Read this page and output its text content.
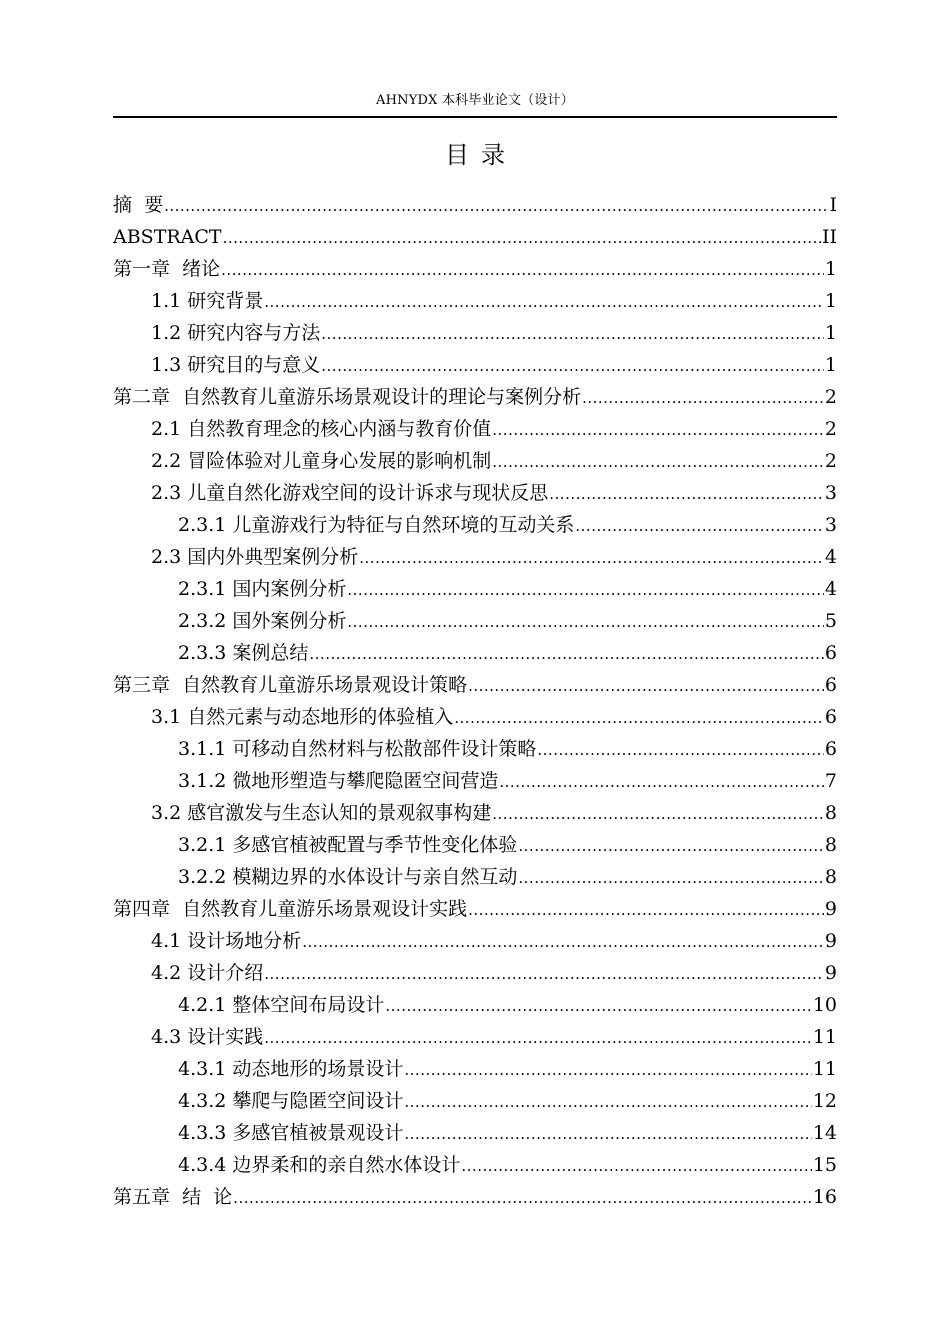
AHNYDX 本科毕业论文（设计）
目录
摘  要 .....	I
ABSTRACT .....	II
第一章  绪论 .....	1
1.1 研究背景 .....	1
1.2 研究内容与方法 .....	1
1.3 研究目的与意义 .....	1
第二章  自然教育儿童游乐场景观设计的理论与案例分析 .....	2
2.1 自然教育理念的核心内涵与教育价值 .....	2
2.2 冒险体验对儿童身心发展的影响机制 .....	2
2.3 儿童自然化游戏空间的设计诉求与现状反思 .....	3
2.3.1 儿童游戏行为特征与自然环境的互动关系 .....	3
2.3 国内外典型案例分析 .....	4
2.3.1 国内案例分析 .....	4
2.3.2 国外案例分析 .....	5
2.3.3 案例总结 .....	6
第三章  自然教育儿童游乐场景观设计策略 .....	6
3.1 自然元素与动态地形的体验植入 .....	6
3.1.1 可移动自然材料与松散部件设计策略 .....	6
3.1.2 微地形塑造与攀爬隐匿空间营造 .....	7
3.2 感官激发与生态认知的景观叙事构建 .....	8
3.2.1 多感官植被配置与季节性变化体验 .....	8
3.2.2 模糊边界的水体设计与亲自然互动 .....	8
第四章  自然教育儿童游乐场景观设计实践 .....	9
4.1 设计场地分析 .....	9
4.2 设计介绍 .....	9
4.2.1 整体空间布局设计 .....	10
4.3 设计实践 .....	11
4.3.1 动态地形的场景设计 .....	11
4.3.2 攀爬与隐匿空间设计 .....	12
4.3.3 多感官植被景观设计 .....	14
4.3.4 边界柔和的亲自然水体设计 .....	15
第五章  结  论 .....	16
